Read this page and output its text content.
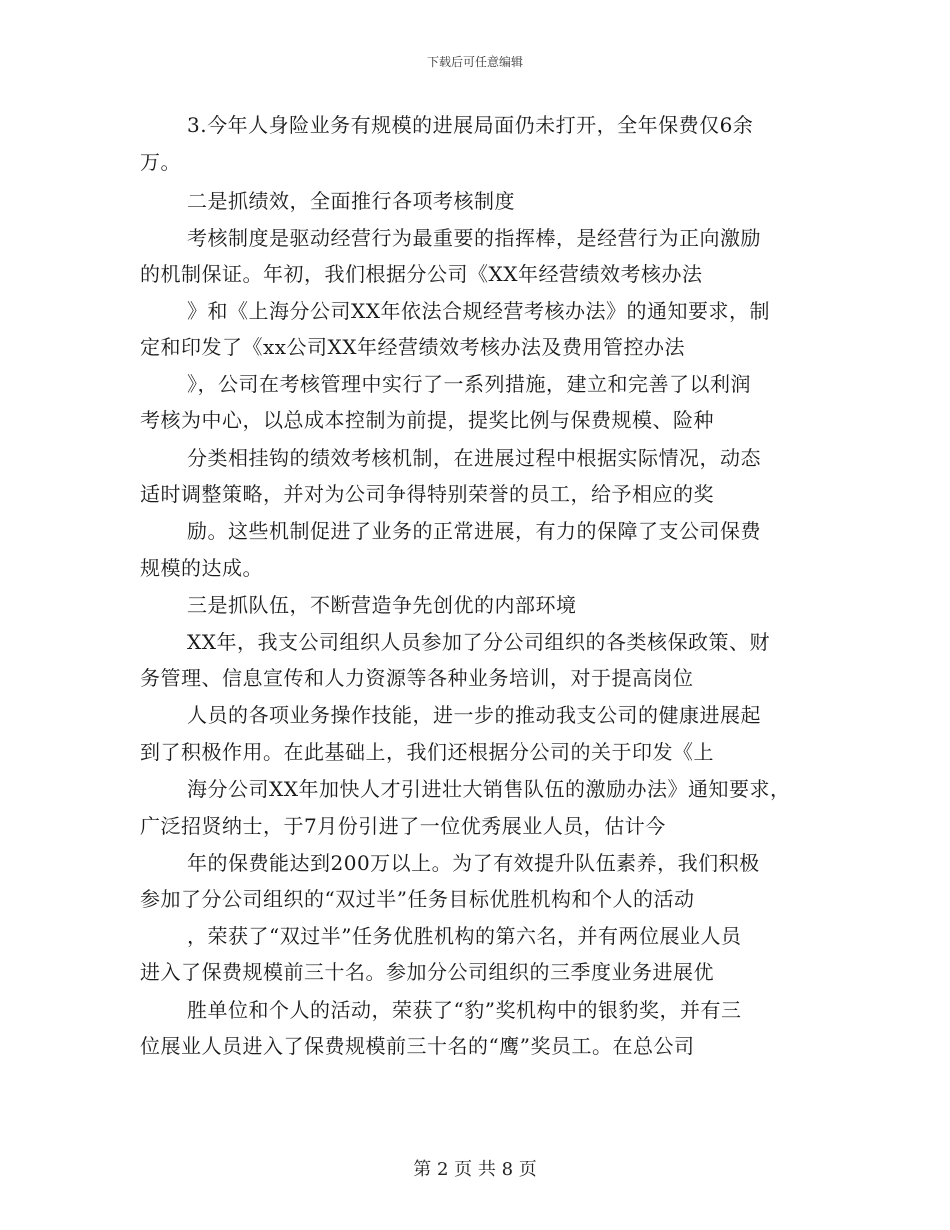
下载后可任意编辑
3.今年人身险业务有规模的进展局面仍未打开，全年保费仅6余
万。
二是抓绩效，全面推行各项考核制度
考核制度是驱动经营行为最重要的指挥棒，是经营行为正向激励
的机制保证。年初，我们根据分公司《XX年经营绩效考核办法
》和《上海分公司XX年依法合规经营考核办法》的通知要求，制
定和印发了《xx公司XX年经营绩效考核办法及费用管控办法
》，公司在考核管理中实行了一系列措施，建立和完善了以利润
考核为中心，以总成本控制为前提，提奖比例与保费规模、险种
分类相挂钩的绩效考核机制，在进展过程中根据实际情况，动态
适时调整策略，并对为公司争得特别荣誉的员工，给予相应的奖
励。这些机制促进了业务的正常进展，有力的保障了支公司保费
规模的达成。
三是抓队伍，不断营造争先创优的内部环境
XX年，我支公司组织人员参加了分公司组织的各类核保政策、财
务管理、信息宣传和人力资源等各种业务培训，对于提高岗位
人员的各项业务操作技能，进一步的推动我支公司的健康进展起
到了积极作用。在此基础上，我们还根据分公司的关于印发《上
海分公司XX年加快人才引进壮大销售队伍的激励办法》通知要求，
广泛招贤纳士，于7月份引进了一位优秀展业人员，估计今
年的保费能达到200万以上。为了有效提升队伍素养，我们积极
参加了分公司组织的“双过半”任务目标优胜机构和个人的活动
，荣获了“双过半”任务优胜机构的第六名，并有两位展业人员
进入了保费规模前三十名。参加分公司组织的三季度业务进展优
胜单位和个人的活动，荣获了“豹”奖机构中的银豹奖，并有三
位展业人员进入了保费规模前三十名的“鹰”奖员工。在总公司
第 2 页 共 8 页
